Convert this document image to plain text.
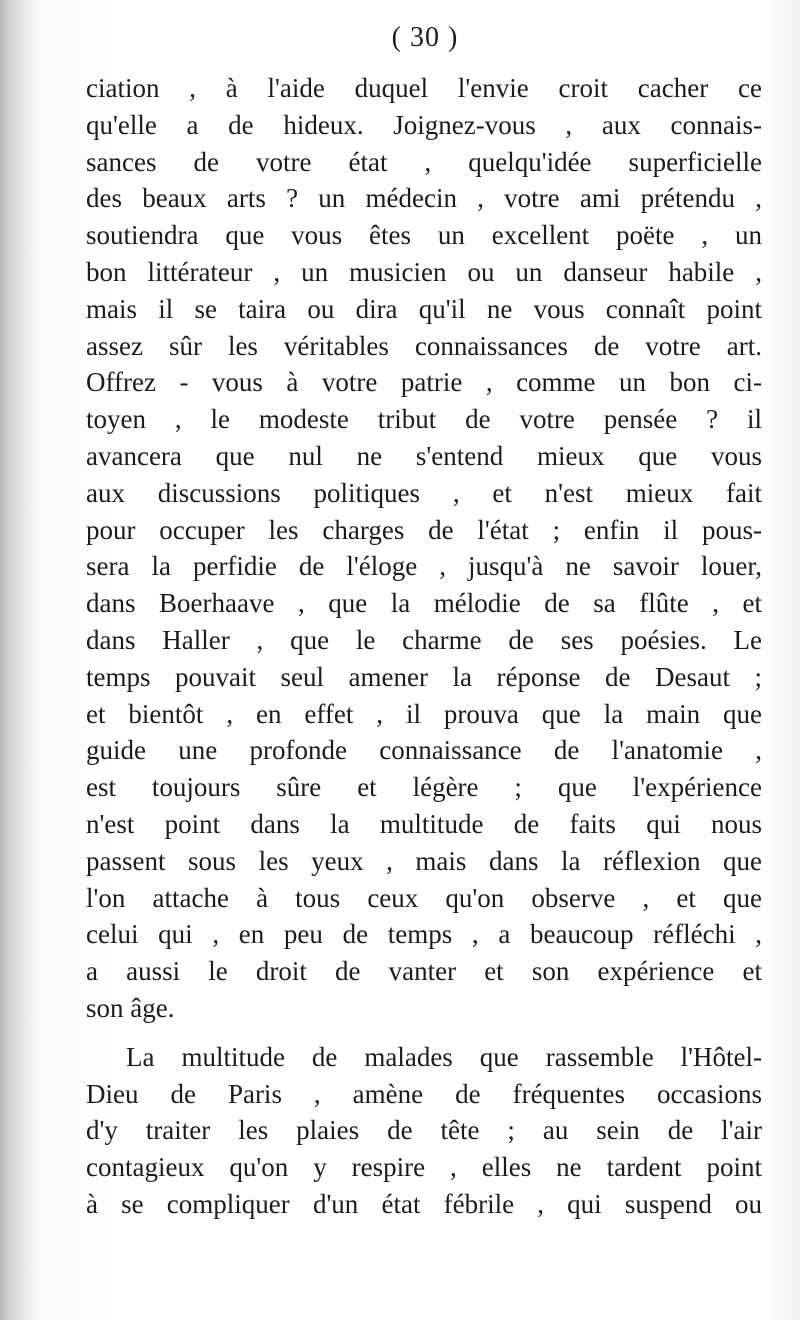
( 30 )
ciation , à l'aide duquel l'envie croit cacher ce
qu'elle a de hideux. Joignez-vous , aux connais-
sances de votre état , quelqu'idée superficielle
des beaux arts ? un médecin , votre ami prétendu ,
soutiendra que vous êtes un excellent poëte , un
bon littérateur , un musicien ou un danseur habile ,
mais il se taira ou dira qu'il ne vous connaît point
assez sûr les véritables connaissances de votre art.
Offrez - vous à votre patrie , comme un bon ci-
toyen , le modeste tribut de votre pensée ? il
avancera que nul ne s'entend mieux que vous
aux discussions politiques , et n'est mieux fait
pour occuper les charges de l'état ; enfin il pous-
sera la perfidie de l'éloge , jusqu'à ne savoir louer,
dans Boerhaave , que la mélodie de sa flûte , et
dans Haller , que le charme de ses poésies. Le
temps pouvait seul amener la réponse de Desaut ;
et bientôt , en effet , il prouva que la main que
guide une profonde connaissance de l'anatomie ,
est toujours sûre et légère ; que l'expérience
n'est point dans la multitude de faits qui nous
passent sous les yeux , mais dans la réflexion que
l'on attache à tous ceux qu'on observe , et que
celui qui , en peu de temps , a beaucoup réfléchi ,
a aussi le droit de vanter et son expérience et
son âge.
La multitude de malades que rassemble l'Hôtel-
Dieu de Paris , amène de fréquentes occasions
d'y traiter les plaies de tête ; au sein de l'air
contagieux qu'on y respire , elles ne tardent point
à se compliquer d'un état fébrile , qui suspend ou
